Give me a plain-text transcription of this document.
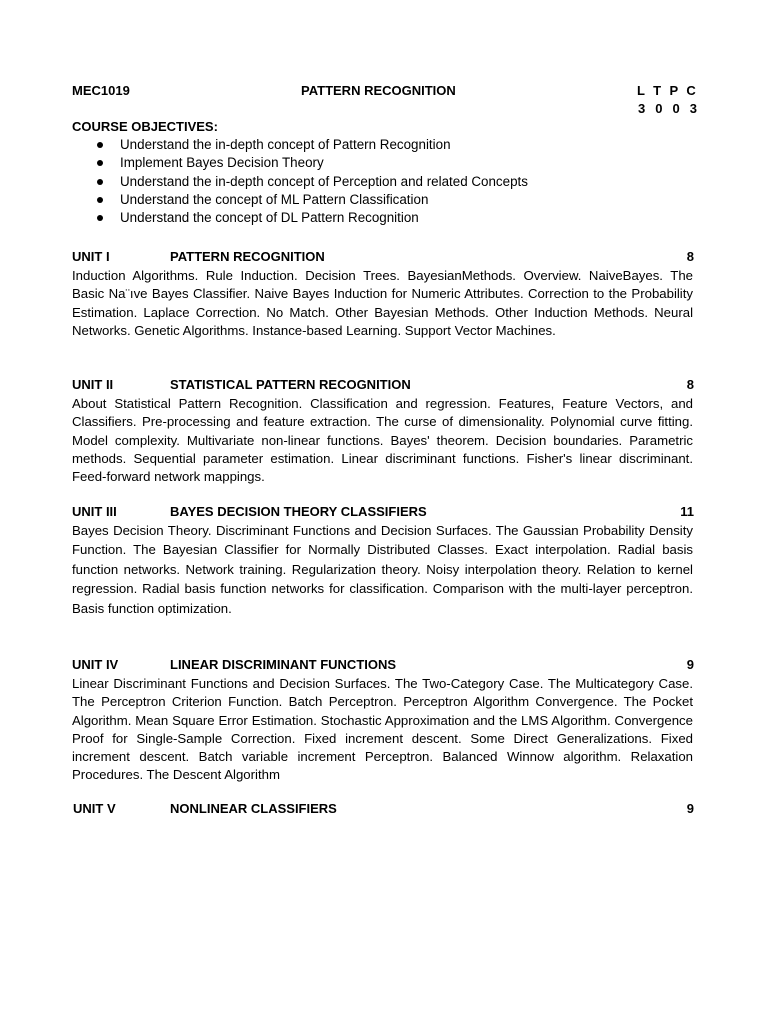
MEC1019	PATTERN RECOGNITION	L T P C
3 0 0 3
COURSE OBJECTIVES:
Understand the in-depth concept of Pattern Recognition
Implement Bayes Decision Theory
Understand the in-depth concept of Perception and related Concepts
Understand the concept of ML Pattern Classification
Understand the concept of DL Pattern Recognition
UNIT I	PATTERN RECOGNITION	8

Induction Algorithms. Rule Induction. Decision Trees. BayesianMethods. Overview. NaiveBayes. The Basic Na¨ıve Bayes Classifier. Naive Bayes Induction for Numeric Attributes. Correction to the Probability Estimation. Laplace Correction. No Match. Other Bayesian Methods. Other Induction Methods. Neural Networks. Genetic Algorithms. Instance-based Learning. Support Vector Machines.

UNIT II	STATISTICAL PATTERN RECOGNITION	8

About Statistical Pattern Recognition. Classification and regression. Features, Feature Vectors, and Classifiers. Pre-processing and feature extraction. The curse of dimensionality. Polynomial curve fitting. Model complexity. Multivariate non-linear functions. Bayes' theorem. Decision boundaries. Parametric methods. Sequential parameter estimation. Linear discriminant functions. Fisher's linear discriminant. Feed-forward network mappings.

UNIT III	BAYES DECISION THEORY CLASSIFIERS	11

Bayes Decision Theory. Discriminant Functions and Decision Surfaces. The Gaussian Probability Density Function. The Bayesian Classifier for Normally Distributed Classes. Exact interpolation. Radial basis function networks. Network training. Regularization theory. Noisy interpolation theory. Relation to kernel regression. Radial basis function networks for classification. Comparison with the multi-layer perceptron. Basis function optimization.

UNIT IV	LINEAR DISCRIMINANT FUNCTIONS	9

Linear Discriminant Functions and Decision Surfaces. The Two-Category Case. The Multicategory Case. The Perceptron Criterion Function. Batch Perceptron. Perceptron Algorithm Convergence. The Pocket Algorithm. Mean Square Error Estimation. Stochastic Approximation and the LMS Algorithm. Convergence Proof for Single-Sample Correction. Fixed increment descent. Some Direct Generalizations. Fixed increment descent. Batch variable increment Perceptron. Balanced Winnow algorithm. Relaxation Procedures. The Descent Algorithm

UNIT V	NONLINEAR CLASSIFIERS	9
